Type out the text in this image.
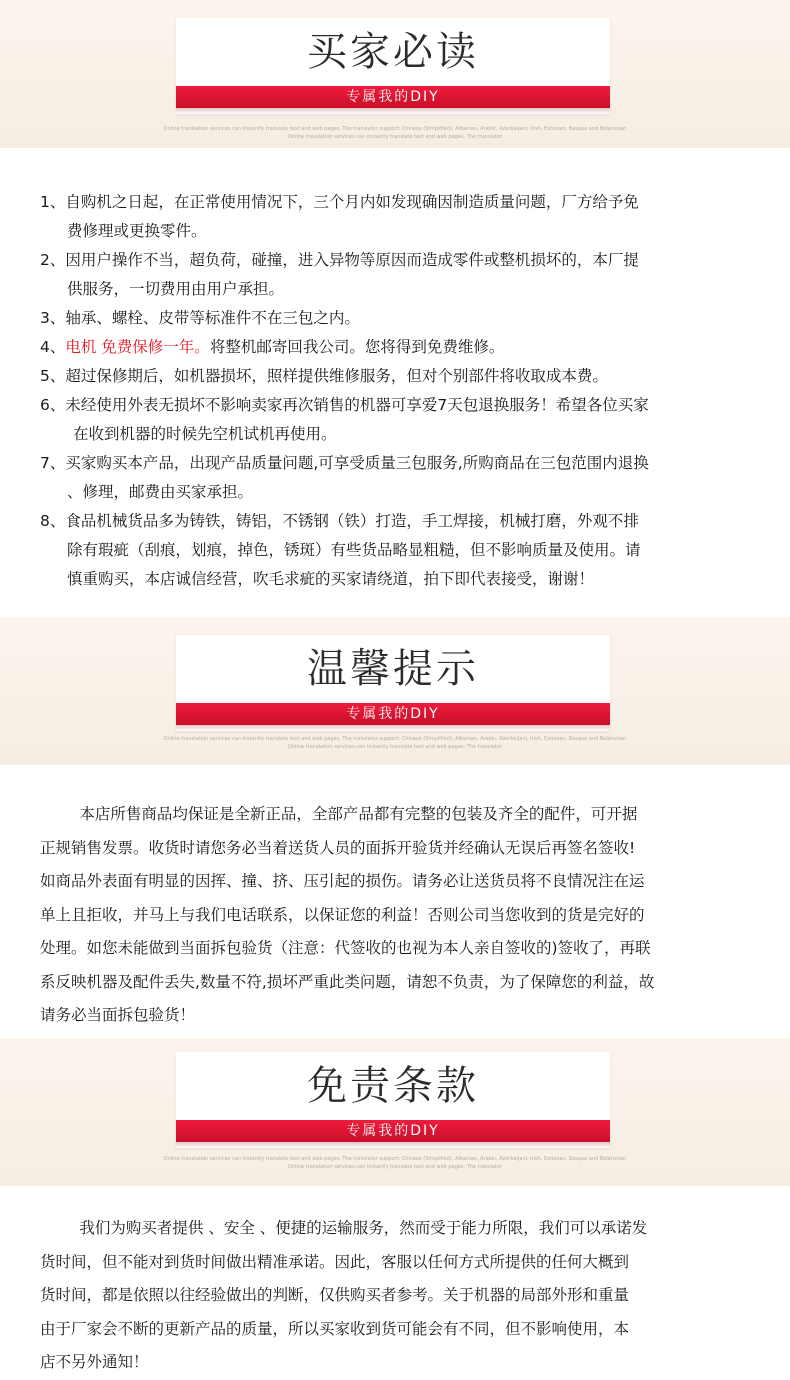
买家必读
专属我的DIY
Online translation services can instantly translate text and web pages. The translator support: Chinese (Simplified), Albanian, Arabic, Azerbaijani, Irish, Estonian, Basque and Belarusian
Online translation services can instantly translate text and web pages. The translator
1、自购机之日起，在正常使用情况下，三个月内如发现确因制造质量问题，厂方给予免
费修理或更换零件。
2、因用户操作不当，超负荷，碰撞，进入异物等原因而造成零件或整机损坏的，本厂提
供服务，一切费用由用户承担。
3、轴承、螺栓、皮带等标准件不在三包之内。
4、电机 免费保修一年。将整机邮寄回我公司。您将得到免费维修。
5、超过保修期后，如机器损坏，照样提供维修服务，但对个别部件将收取成本费。
6、未经使用外表无损坏不影响卖家再次销售的机器可享爱7天包退换服务！希望各位买家
在收到机器的时候先空机试机再使用。
7、买家购买本产品，出现产品质量问题,可享受质量三包服务,所购商品在三包范围内退换
、修理，邮费由买家承担。
8、食品机械货品多为铸铁，铸铝，不锈钢（铁）打造，手工焊接，机械打磨，外观不排
除有瑕疵（刮痕，划痕，掉色，锈斑）有些货品略显粗糙，但不影响质量及使用。请
慎重购买，本店诚信经营，吹毛求疵的买家请绕道，拍下即代表接受，谢谢！
温馨提示
专属我的DIY
Online translation services can instantly translate text and web pages. The translator support: Chinese (Simplified), Albanian, Arabic, Azerbaijani, Irish, Estonian, Basque and Belarusian
Online translation services can instantly translate text and web pages. The translator
本店所售商品均保证是全新正品，全部产品都有完整的包装及齐全的配件，可开据
正规销售发票。收货时请您务必当着送货人员的面拆开验货并经确认无误后再签名签收!
如商品外表面有明显的因挥、撞、挤、压引起的损伤。请务必让送货员将不良情况注在运
单上且拒收，并马上与我们电话联系，以保证您的利益！否则公司当您收到的货是完好的
处理。如您未能做到当面拆包验货（注意：代签收的也视为本人亲自签收的)签收了，再联
系反映机器及配件丢失,数量不符,损坏严重此类问题，请恕不负责，为了保障您的利益，故
请务必当面拆包验货！
免责条款
专属我的DIY
Online translation services can instantly translate text and web pages. The translator support: Chinese (Simplified), Albanian, Arabic, Azerbaijani, Irish, Estonian, Basque and Belarusian
Online translation services can instantly translate text and web pages. The translator
我们为购买者提供 、安全 、便捷的运输服务，然而受于能力所限，我们可以承诺发
货时间，但不能对到货时间做出精准承诺。因此，客服以任何方式所提供的任何大概到
货时间，都是依照以往经验做出的判断，仅供购买者参考。关于机器的局部外形和重量
由于厂家会不断的更新产品的质量，所以买家收到货可能会有不同，但不影响使用，本
店不另外通知！
